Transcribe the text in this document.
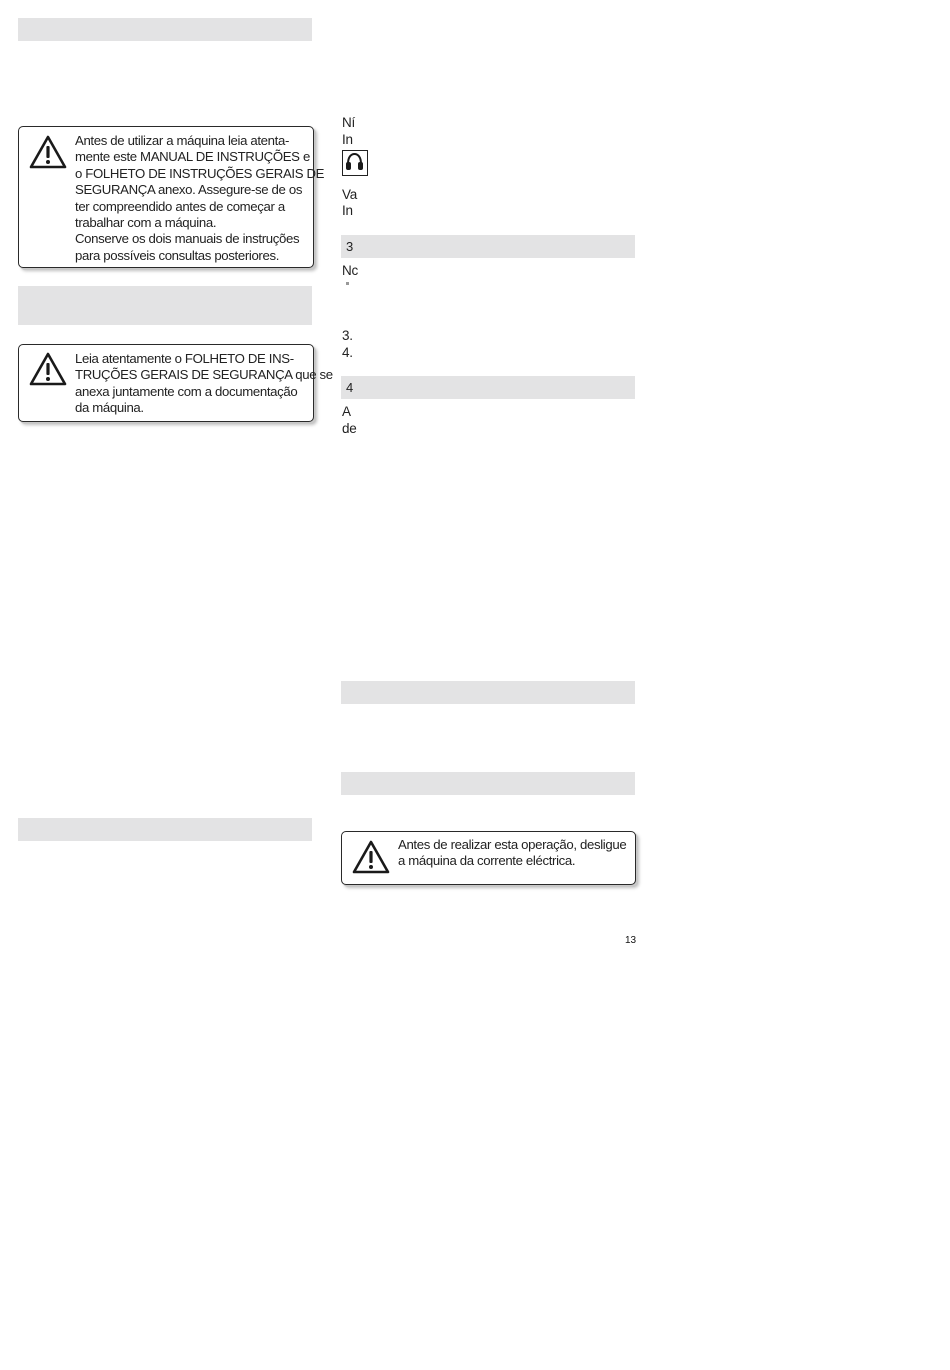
Antes de utilizar a máquina leia atenta-
mente este MANUAL DE INSTRUÇÕES e
o FOLHETO DE INSTRUÇÕES GERAIS DE
SEGURANÇA anexo. Assegure-se de os
ter compreendido antes de começar a
trabalhar com a máquina.
Conserve os dois manuais de instruções
para possíveis consultas posteriores.
Leia atentamente o FOLHETO DE INS-
TRUÇÕES GERAIS DE SEGURANÇA que se
anexa juntamente com a documentação
da máquina.
Ní
In
Va
In
3
Nc
3.
4.
4
A
de
Antes de realizar esta operação, desligue
a máquina da corrente eléctrica.
13
